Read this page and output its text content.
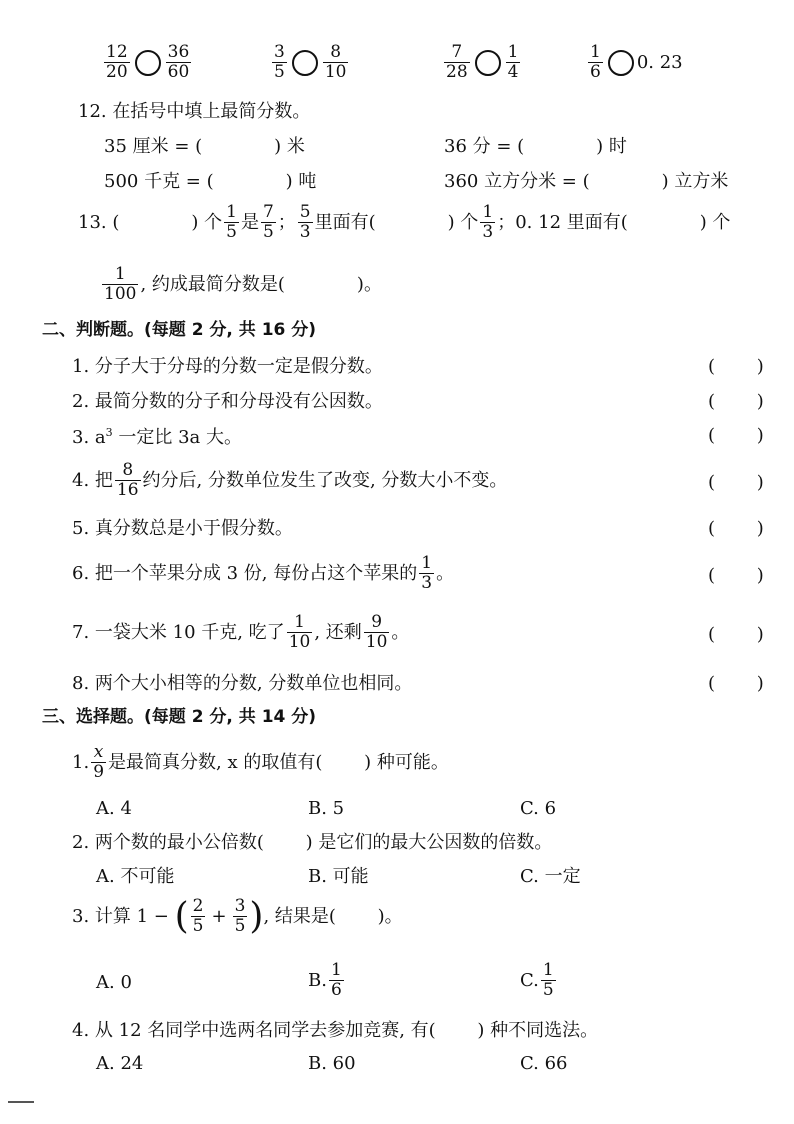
$\frac{12}{20} \frac{36}{60}$	$\frac{3}{5} \frac{8}{10}$	$\frac{7}{28} \frac{1}{4}$	$\frac{1}{6} 0$. 23
12. 在括号中填上最简分数。
35 厘米 = (　　　　) 米	36 分 = (　　　　) 时
500 千克 = (　　　　) 吨	360 立方分米 = (　　　　) 立方米
13. (　　　　) 个 $\frac{1}{5}$ 是 $\frac{7}{5}$ ； $\frac{5}{3}$ 里面有(　　　　) 个 $\frac{1}{3}$ ；0. 12 里面有(　　　　) 个
$\frac{1}{100}$ , 约成最简分数是(　　　　)。
二、判断题。(每题 2 分, 共 16 分)
1. 分子大于分母的分数一定是假分数。	(　　 )
2. 最简分数的分子和分母没有公因数。	(　　 )
3. $a^3$ 一定比 3a 大。	(　　 )
4. 把 $\frac{8}{16}$ 约分后, 分数单位发生了改变, 分数大小不变。	(　　 )
5. 真分数总是小于假分数。	(　　 )
6. 把一个苹果分成 3 份, 每份占这个苹果的 $\frac{1}{3}$ 。	(　　 )
7. 一袋大米 10 千克, 吃了 $\frac{1}{10}$ , 还剩 $\frac{9}{10}$ 。	(　　 )
8. 两个大小相等的分数, 分数单位也相同。	(　　 )
三、选择题。(每题 2 分, 共 14 分)
1. $\frac{x}{9}$ 是最简真分数, x 的取值有(　　 ) 种可能。
A. 4	B. 5	C. 6
2. 两个数的最小公倍数(　　 ) 是它们的最大公因数的倍数。
A. 不可能	B. 可能	C. 一定
3. 计算 1 − ( $\frac{2}{5} + \frac{3}{5}$ ), 结果是(　　 )。
A. 0	B. $\frac{1}{6}$	C. $\frac{1}{5}$
4. 从 12 名同学中选两名同学去参加竞赛, 有(　　 ) 种不同选法。
A. 24	B. 60	C. 66
